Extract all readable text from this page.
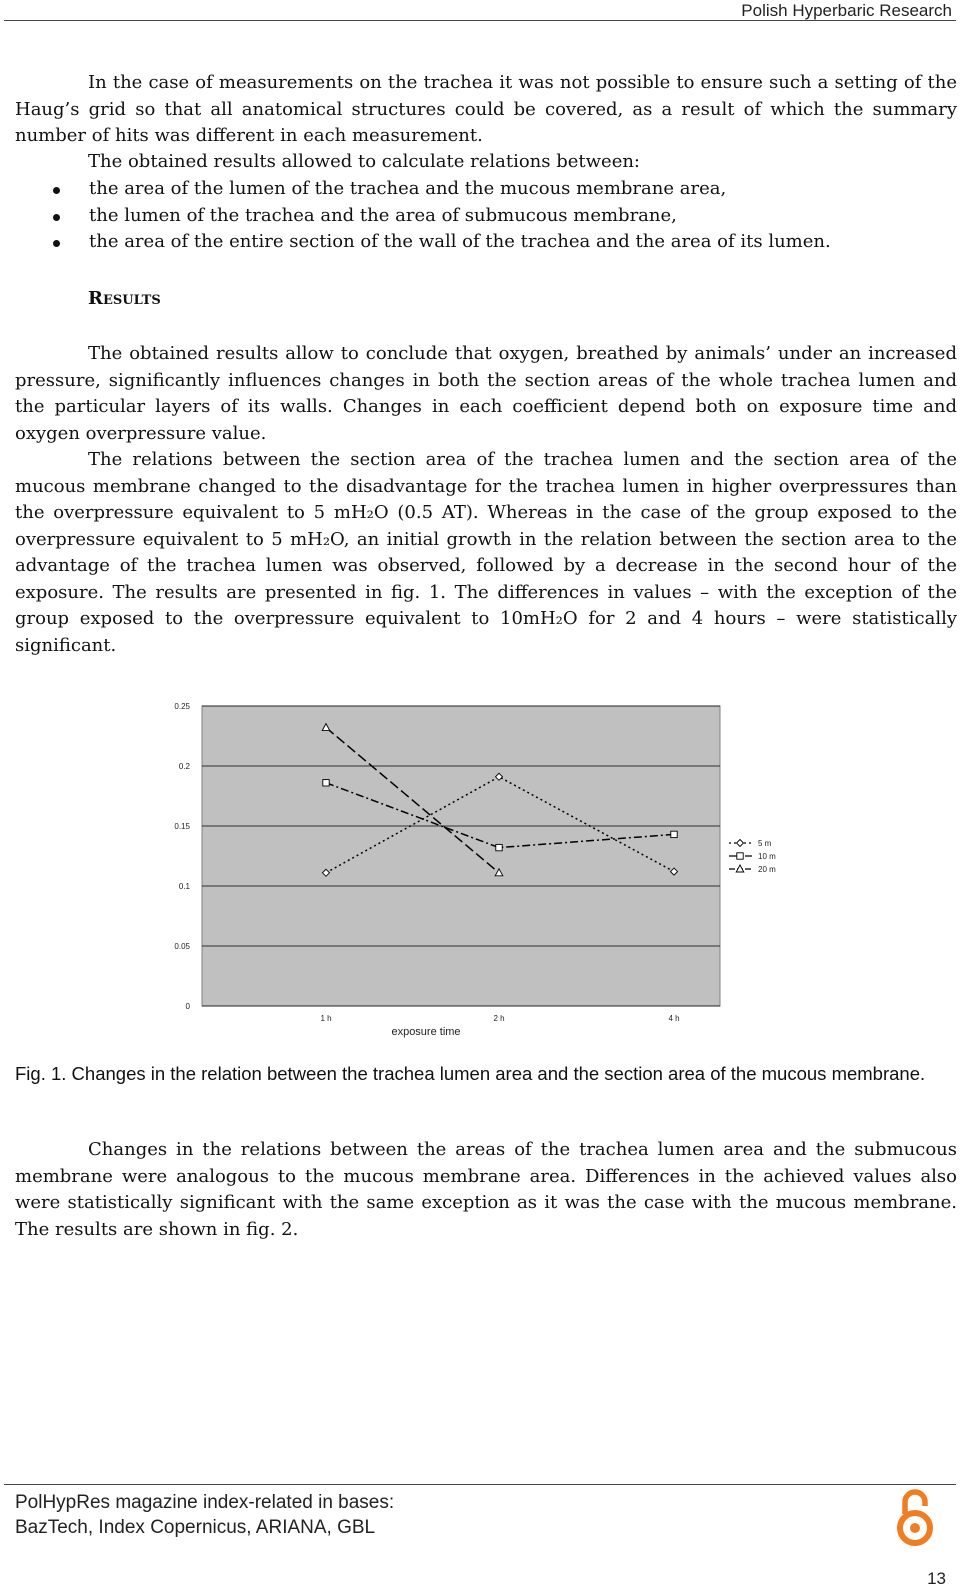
Polish Hyperbaric Research

In the case of measurements on the trachea it was not possible to ensure such a setting of the Haug’s grid so that all anatomical structures could be covered, as a result of which the summary number of hits was different in each measurement.

The obtained results allowed to calculate relations between:

the area of the lumen of the trachea and the mucous membrane area,
the lumen of the trachea and the area of submucous membrane,
the area of the entire section of the wall of the trachea and the area of its lumen.
Results

The obtained results allow to conclude that oxygen, breathed by animals’ under an increased pressure, significantly influences changes in both the section areas of the whole trachea lumen and the particular layers of its walls. Changes in each coefficient depend both on exposure time and oxygen overpressure value.

The relations between the section area of the trachea lumen and the section area of the mucous membrane changed to the disadvantage for the trachea lumen in higher overpressures than the overpressure equivalent to 5 mH₂O (0.5 AT). Whereas in the case of the group exposed to the overpressure equivalent to 5 mH₂O, an initial growth in the relation between the section area to the advantage of the trachea lumen was observed, followed by a decrease in the second hour of the exposure. The results are presented in fig. 1. The differences in values – with the exception of the group exposed to the overpressure equivalent to 10mH₂O for 2 and 4 hours – were statistically significant.

0
0.05
0.1
0.15
0.2
0.25
1 h	2 h	4 h
exposure time
5 m
10 m
20 m
Fig. 1. Changes in the relation between the trachea lumen area and the section area of the mucous membrane.

Changes in the relations between the areas of the trachea lumen area and the submucous membrane were analogous to the mucous membrane area. Differences in the achieved values also were statistically significant with the same exception as it was the case with the mucous membrane. The results are shown in fig. 2.

PolHypRes magazine index-related in bases:
BazTech, Index Copernicus, ARIANA, GBL
13
